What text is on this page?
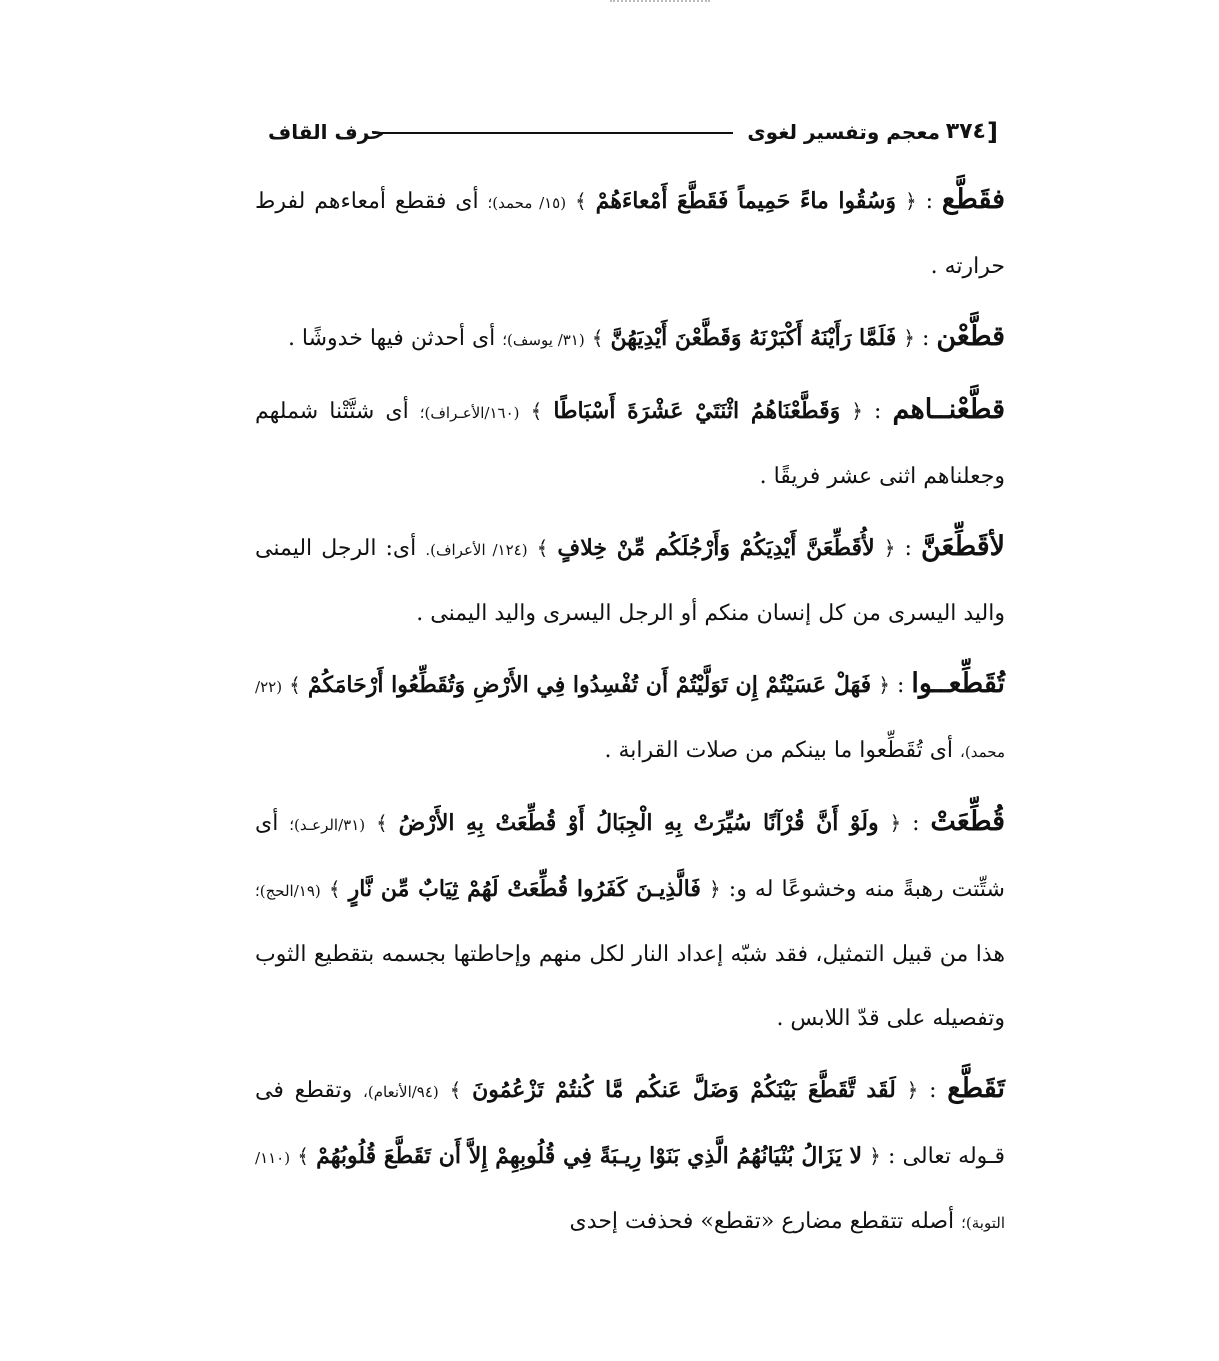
[
٣٧٤
معجم وتفسير لغوى
حرف القاف

فقَطَّع : ﴿ وَسُقُوا ماءً حَمِيماً فَقَطَّعَ أَمْعاءَهُمْ ﴾ (١٥/ محمد)؛ أى فقطع أمعاءهم لفرط حرارته .

قطَّعْن : ﴿ فَلَمَّا رَأَيْنَهُ أَكْبَرْنَهُ وَقَطَّعْنَ أَيْدِيَهُنَّ ﴾ (٣١/ يوسف)؛ أى أحدثن فيها خدوشًا .

قطَّعْنــاهم : ﴿ وَقَطَّعْنَاهُمُ اثْنَتَيْ عَشْرَةَ أَسْبَاطًا ﴾ (١٦٠/الأعـراف)؛ أى شتَّتْنا شملهم وجعلناهم اثنى عشر فريقًا .

لأقَطِّعَنَّ : ﴿ لأُقَطِّعَنَّ أَيْدِيَكُمْ وَأَرْجُلَكُم مِّنْ خِلافٍ ﴾ (١٢٤/ الأعراف). أى: الرجل اليمنى واليد اليسرى من كل إنسان منكم أو الرجل اليسرى واليد اليمنى .

تُقَطِّعــوا : ﴿ فَهَلْ عَسَيْتُمْ إِن تَوَلَّيْتُمْ أَن تُفْسِدُوا فِي الأَرْضِ وَتُقَطِّعُوا أَرْحَامَكُمْ ﴾ (٢٢/محمد)، أى تُقَطِّعوا ما بينكم من صلات القرابة .

قُطِّعَتْ : ﴿ ولَوْ أَنَّ قُرْآنًا سُيِّرَتْ بِهِ الْجِبَالُ أَوْ قُطِّعَتْ بِهِ الأَرْضُ ﴾ (٣١/الرعـد)؛ أى شتِّتت رهبةً منه وخشوعًا له و: ﴿ فَالَّذِيـنَ كَفَرُوا قُطِّعَتْ لَهُمْ ثِيَابٌ مِّن نَّارٍ ﴾ (١٩/الحج)؛ هذا من قبيل التمثيل، فقد شبّه إعداد النار لكل منهم وإحاطتها بجسمه بتقطيع الثوب وتفصيله على قدّ اللابس .

تَقَطَّع : ﴿ لَقَد تَّقَطَّعَ بَيْنَكُمْ وَضَلَّ عَنكُم مَّا كُنتُمْ تَزْعُمُونَ ﴾ (٩٤/الأنعام)، وتقطع فى قـوله تعالى : ﴿ لا يَزَالُ بُنْيَانُهُمُ الَّذِي بَنَوْا رِيـبَةً فِي قُلُوبِهِمْ إِلاَّ أَن تَقَطَّعَ قُلُوبُهُمْ ﴾ (١١٠/التوبة)؛ أصله تتقطع مضارع «تقطع» فحذفت إحدى
